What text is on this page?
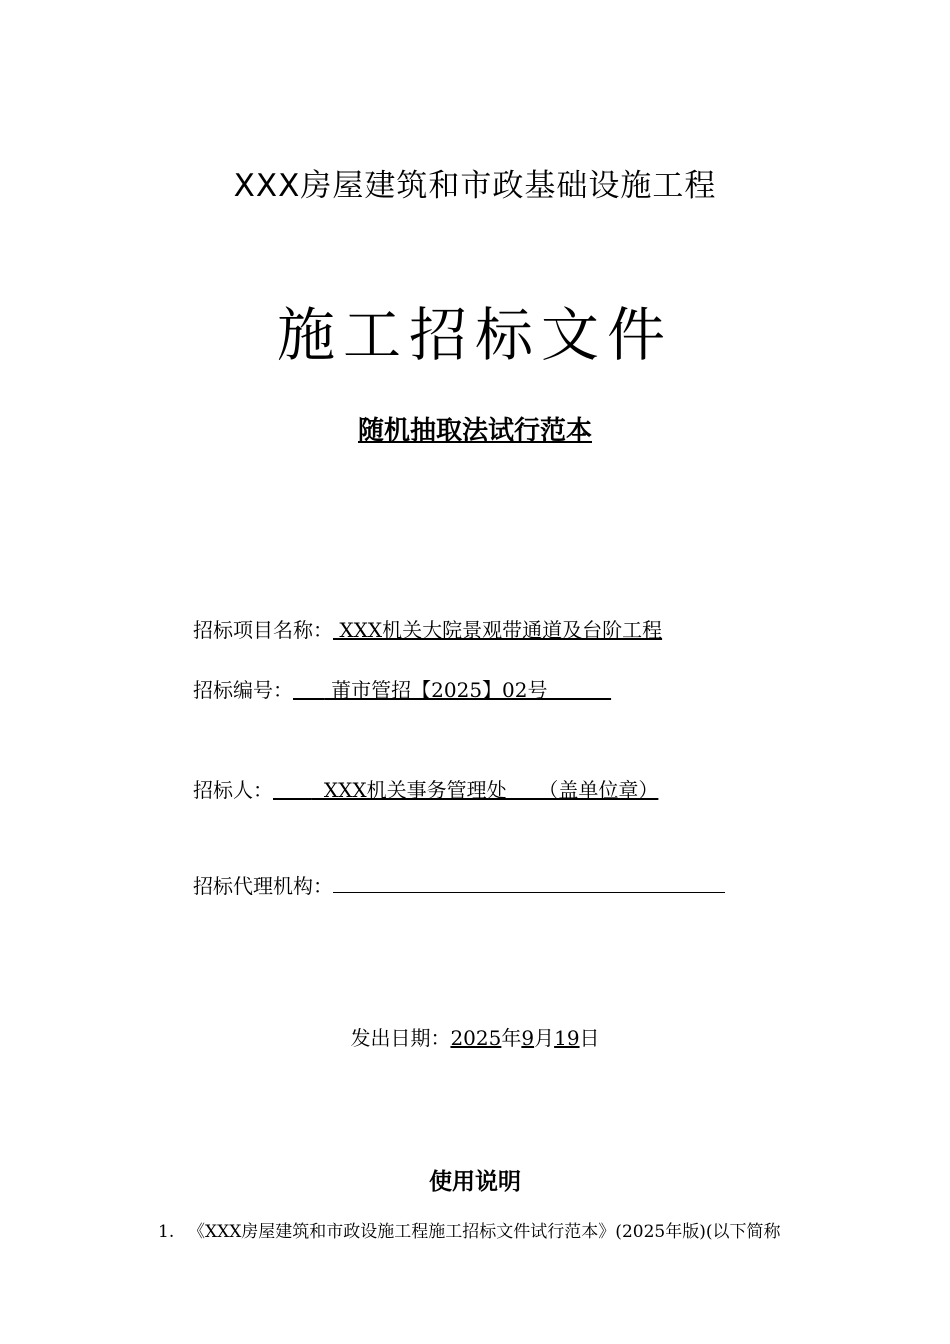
XXX房屋建筑和市政基础设施工程
施工招标文件
随机抽取法试行范本
招标项目名称： XXX机关大院景观带通道及台阶工程
招标编号：      莆市管招【2025】02号
招标人：        XXX机关事务管理处     （盖单位章）
招标代理机构：
发出日期：2025年9月19日
使用说明
1. 《XXX房屋建筑和市政设施工程施工招标文件试行范本》(2025年版)(以下简称
